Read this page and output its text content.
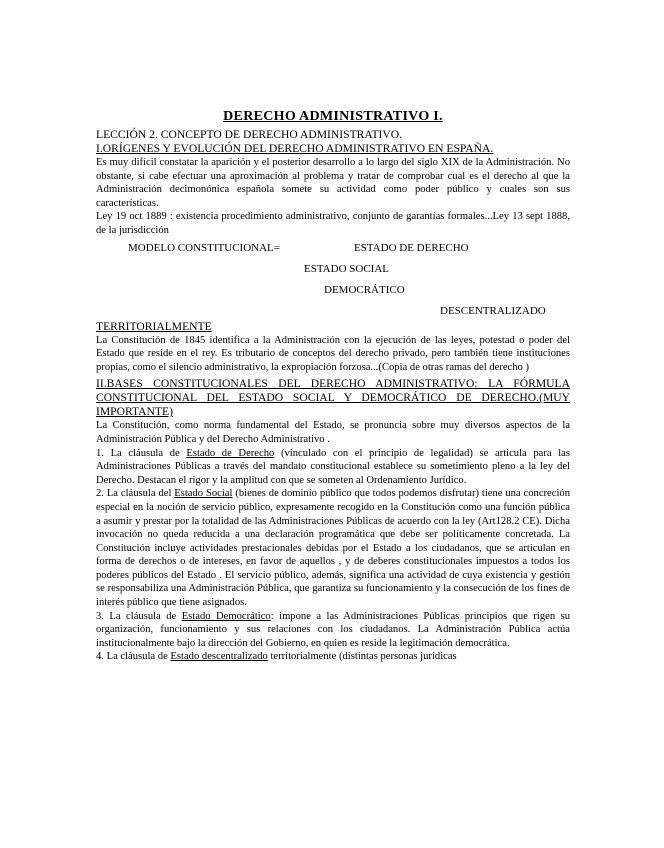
DERECHO ADMINISTRATIVO I.

LECCIÓN 2. CONCEPTO DE DERECHO ADMINISTRATIVO.

I.ORÍGENES Y EVOLUCIÓN DEL DERECHO ADMINISTRATIVO EN ESPAÑA.

Es muy difícil constatar la aparición y el posterior desarrollo a lo largo del siglo XIX de la Administración. No obstante, si cabe efectuar una aproximación al problema y tratar de comprobar cual es el derecho al que la Administración decimonónica española somete su actividad como poder público y cuales son sus características.

Ley 19 oct 1889 : existencia procedimiento administrativo, conjunto de garantías formales...Ley 13 sept 1888, de la jurisdicción

MODELO CONSTITUCIONAL=	ESTADO DE DERECHO
ESTADO SOCIAL
DEMOCRÁTICO
DESCENTRALIZADO

TERRITORIALMENTE

La Constitución de 1845 identifica a la Administración con la ejecución de las leyes, potestad o poder del Estado que reside en el rey. Es tributario de conceptos del derecho privado, pero también tiene instituciones propias, como el silencio administrativo, la expropiación forzosa...(Copia de otras ramas del derecho )

II.BASES CONSTITUCIONALES DEL DERECHO ADMINISTRATIVO: LA FÓRMULA CONSTITUCIONAL DEL ESTADO SOCIAL Y DEMOCRÁTICO DE DERECHO.(MUY IMPORTANTE)

La Constitución, como norma fundamental del Estado, se pronuncia sobre muy diversos aspectos de la Administración Pública y del Derecho Administrativo .

1. La cláusula de Estado de Derecho (vinculado con el principio de legalidad) se articula para las Administraciones Públicas a través del mandato constitucional establece su sometimiento pleno a la ley del Derecho. Destacan el rigor y la amplitud con que se someten al Ordenamiento Jurídico.

2. La cláusula del Estado Social (bienes de dominio público que todos podemos disfrutar) tiene una concreción especial en la noción de servicio público, expresamente recogido en la Constitución como una función pública a asumir y prestar por la totalidad de las Administraciones Públicas de acuerdo con la ley (Art128.2 CE). Dicha invocación no queda reducida a una declaración programática que debe ser políticamente concretada. La Constitución incluye actividades prestacionales debidas por el Estado a los ciudadanos, que se articulan en forma de derechos o de intereses, en favor de aquellos , y de deberes constitucionales impuestos a todos los poderes públicos del Estado . El servicio público, además, significa una actividad de cuya existencia y gestión se responsabiliza una Administración Pública, que garantiza su funcionamiento y la consecución de los fines de interés público que tiene asignados.

3. La cláusula de Estado Democrático: impone a las Administraciones Públicas principios que rigen su organización, funcionamiento y sus relaciones con los ciudadanos. La Administración Pública actúa institucionalmente bajo la dirección del Gobierno, en quien es reside la legitimación democrática.

4. La cláusula de Estado descentralizado territorialmente (distintas personas jurídicas
